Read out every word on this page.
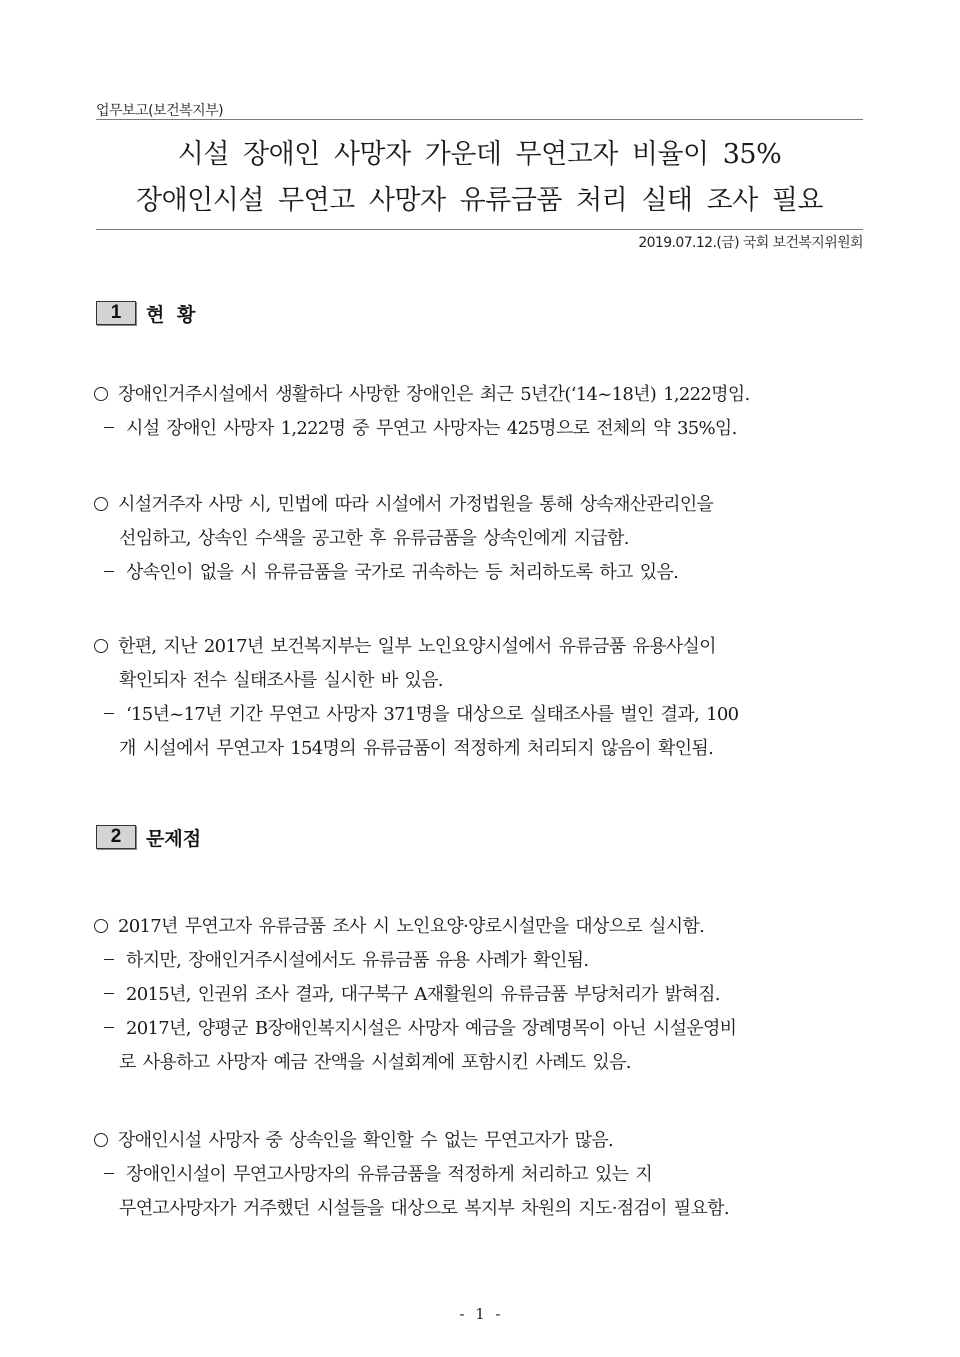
업무보고(보건복지부)
시설 장애인 사망자 가운데 무연고자 비율이 35%
장애인시설 무연고 사망자 유류금품 처리 실태 조사 필요
2019.07.12.(금) 국회 보건복지위원회
1	현 황
장애인거주시설에서 생활하다 사망한 장애인은 최근 5년간(‘14~18년) 1,222명임.
시설 장애인 사망자 1,222명 중 무연고 사망자는 425명으로 전체의 약 35%임.
시설거주자 사망 시, 민법에 따라 시설에서 가정법원을 통해 상속재산관리인을
선임하고, 상속인 수색을 공고한 후 유류금품을 상속인에게 지급함.
상속인이 없을 시 유류금품을 국가로 귀속하는 등 처리하도록 하고 있음.
한편, 지난 2017년 보건복지부는 일부 노인요양시설에서 유류금품 유용사실이
확인되자 전수 실태조사를 실시한 바 있음.
‘15년~17년 기간 무연고 사망자 371명을 대상으로 실태조사를 벌인 결과, 100
개 시설에서 무연고자 154명의 유류금품이 적정하게 처리되지 않음이 확인됨.
2	문제점
2017년 무연고자 유류금품 조사 시 노인요양·양로시설만을 대상으로 실시함.
하지만, 장애인거주시설에서도 유류금품 유용 사례가 확인됨.
2015년, 인권위 조사 결과, 대구북구 A재활원의 유류금품 부당처리가 밝혀짐.
2017년, 양평군 B장애인복지시설은 사망자 예금을 장례명목이 아닌 시설운영비
로 사용하고 사망자 예금 잔액을 시설회계에 포함시킨 사례도 있음.
장애인시설 사망자 중 상속인을 확인할 수 없는 무연고자가 많음.
장애인시설이 무연고사망자의 유류금품을 적정하게 처리하고 있는 지
무연고사망자가 거주했던 시설들을 대상으로 복지부 차원의 지도·점검이 필요함.
- 1 -
